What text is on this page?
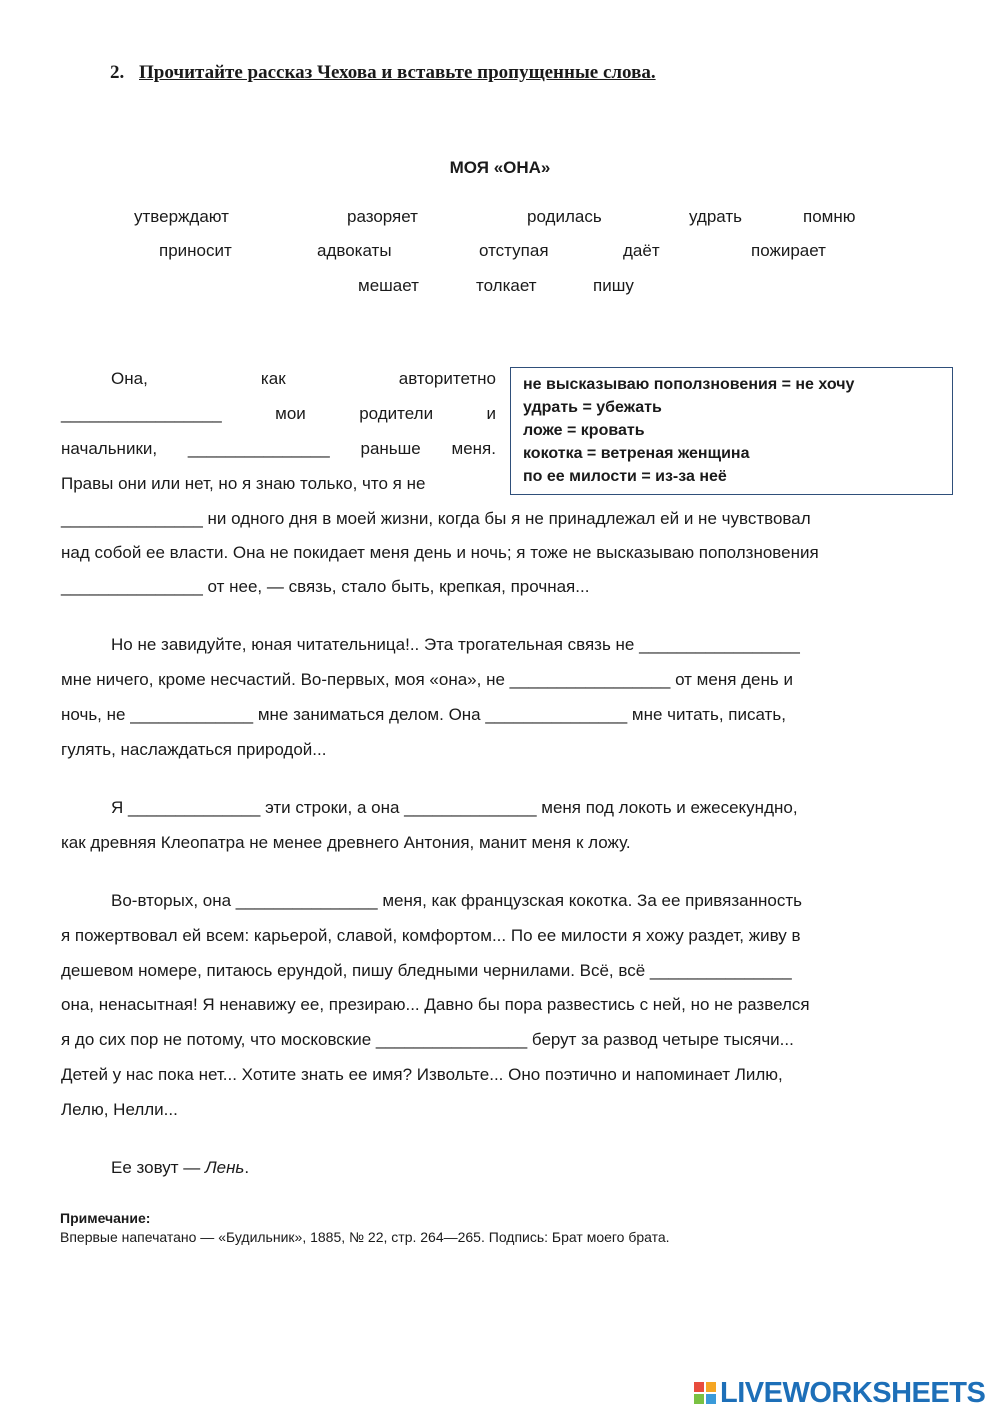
2. Прочитайте рассказ Чехова и вставьте пропущенные слова.
МОЯ «ОНА»
утверждают	разоряет	родилась	удрать	помню
приносит	адвокаты	отступая	даёт	пожирает
мешает	толкает	пишу
не высказываю поползновения = не хочу
удрать = убежать
ложе = кровать
кокотка = ветреная женщина
по ее милости = из-за неё
Она,	как	авторитетно
_________________	мои	родители	и
начальники, _______________ раньше меня.
Правы они или нет, но я знаю только, что я не
_______________ ни одного дня в моей жизни, когда бы я не принадлежал ей и не чувствовал
над собой ее власти. Она не покидает меня день и ночь; я тоже не высказываю поползновения
_______________ от нее, — связь, стало быть, крепкая, прочная...
Но не завидуйте, юная читательница!.. Эта трогательная связь не _________________
мне ничего, кроме несчастий. Во-первых, моя «она», не _________________ от меня день и
ночь, не _____________ мне заниматься делом. Она _______________ мне читать, писать,
гулять, наслаждаться природой...
Я ______________ эти строки, а она ______________ меня под локоть и ежесекундно,
как древняя Клеопатра не менее древнего Антония, манит меня к ложу.
Во-вторых, она _______________ меня, как французская кокотка. За ее привязанность
я пожертвовал ей всем: карьерой, славой, комфортом... По ее милости я хожу раздет, живу в
дешевом номере, питаюсь ерундой, пишу бледными чернилами. Всё, всё _______________
она, ненасытная! Я ненавижу ее, презираю... Давно бы пора развестись с ней, но не развелся
я до сих пор не потому, что московские ________________ берут за развод четыре тысячи...
Детей у нас пока нет... Хотите знать ее имя? Извольте... Оно поэтично и напоминает Лилю,
Лелю, Нелли...
Ее зовут — Лень.
Примечание:
Впервые напечатано — «Будильник», 1885, № 22, стр. 264—265. Подпись: Брат моего брата.
LIVEWORKSHEETS
